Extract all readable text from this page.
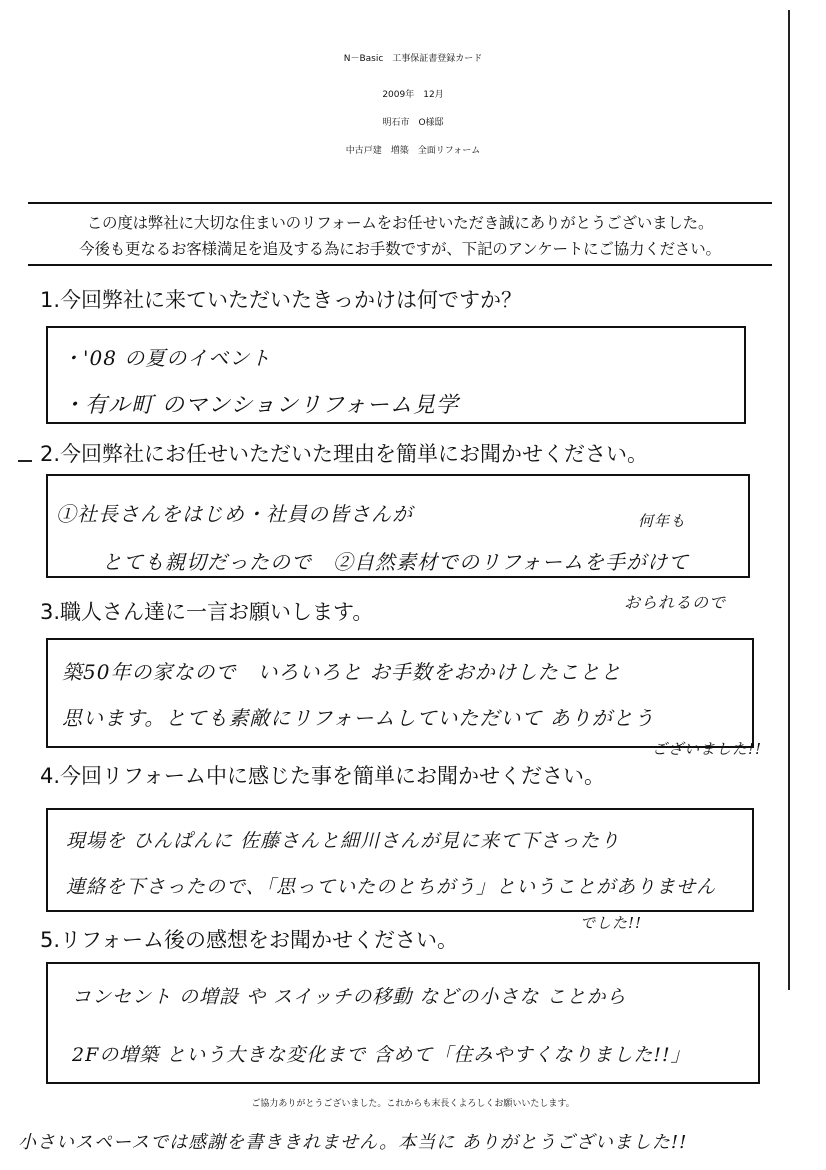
N－Basic　工事保証書登録カード
2009年　12月
明石市　O様邸
中古戸建　増築　全面リフォーム
この度は弊社に大切な住まいのリフォームをお任せいただき誠にありがとうございました。
今後も更なるお客様満足を追及する為にお手数ですが、下記のアンケートにご協力ください。
1.今回弊社に来ていただいたきっかけは何ですか？
・'08 の夏のイベント
・有ル町 のマンションリフォーム見学
2.今回弊社にお任せいただいた理由を簡単にお聞かせください。
①社長さんをはじめ・社員の皆さんが
とても親切だったので　②自然素材でのリフォームを手がけて
何年も
おられるので
3.職人さん達に一言お願いします。
築50年の家なので　いろいろと お手数をおかけしたことと
思います。とても素敵にリフォームしていただいて ありがとう
ございました!!
4.今回リフォーム中に感じた事を簡単にお聞かせください。
現場を ひんぱんに 佐藤さんと細川さんが見に来て下さったり
連絡を下さったので、「思っていたのとちがう」ということがありません
でした!!
5.リフォーム後の感想をお聞かせください。
コンセント の増設 や スイッチの移動 などの小さな ことから
2Fの増築 という大きな変化まで 含めて「住みやすくなりました!!」
ご協力ありがとうございました。これからも末長くよろしくお願いいたします。
小さいスペースでは感謝を書ききれません。本当に ありがとうございました!!
